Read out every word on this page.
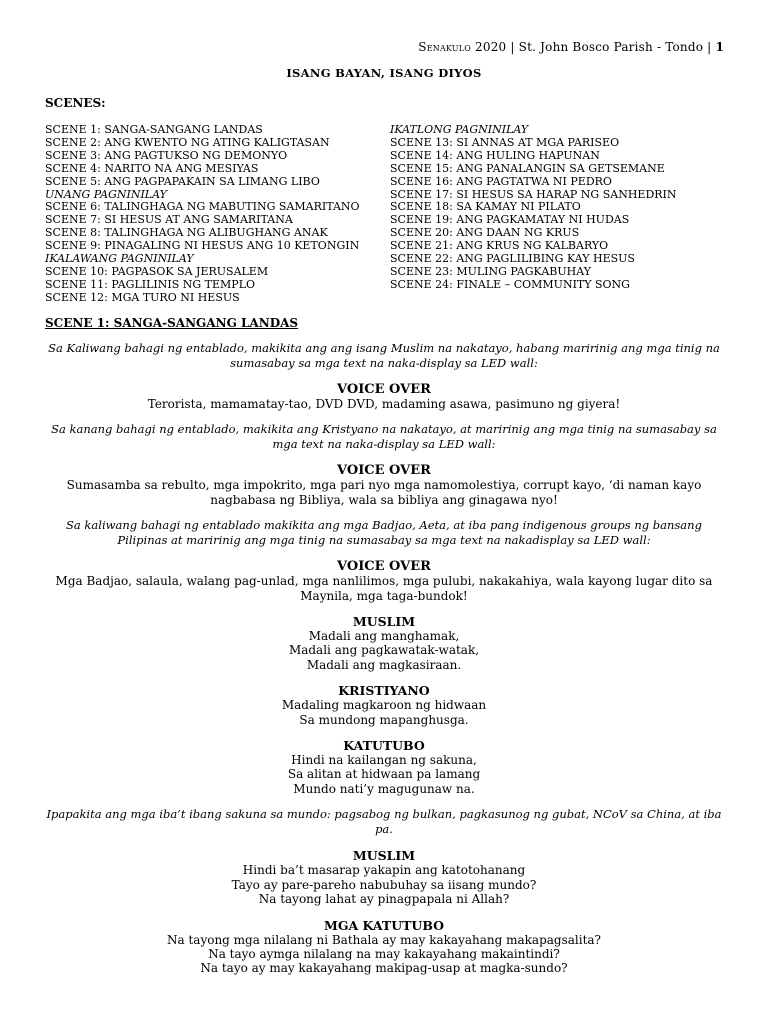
Senakulo 2020 | St. John Bosco Parish - Tondo | 1
ISANG BAYAN, ISANG DIYOS
SCENES:
SCENE 1: SANGA-SANGANG LANDAS
SCENE 2: ANG KWENTO NG ATING KALIGTASAN
SCENE 3: ANG PAGTUKSO NG DEMONYO
SCENE 4: NARITO NA ANG MESIYAS
SCENE 5: ANG PAGPAPAKAIN SA LIMANG LIBO
UNANG PAGNINILAY
SCENE 6: TALINGHAGA NG MABUTING SAMARITANO
SCENE 7: SI HESUS AT ANG SAMARITANA
SCENE 8: TALINGHAGA NG ALIBUGHANG ANAK
SCENE 9: PINAGALING NI HESUS ANG 10 KETONGIN
IKALAWANG PAGNINILAY
SCENE 10: PAGPASOK SA JERUSALEM
SCENE 11: PAGLILINIS NG TEMPLO
SCENE 12: MGA TURO NI HESUS
IKATLONG PAGNINILAY
SCENE 13: SI ANNAS AT MGA PARISEO
SCENE 14: ANG HULING HAPUNAN
SCENE 15: ANG PANALANGIN SA GETSEMANE
SCENE 16: ANG PAGTATWA NI PEDRO
SCENE 17: SI HESUS SA HARAP NG SANHEDRIN
SCENE 18: SA KAMAY NI PILATO
SCENE 19: ANG PAGKAMATAY NI HUDAS
SCENE 20: ANG DAAN NG KRUS
SCENE 21: ANG KRUS NG KALBARYO
SCENE 22: ANG PAGLILIBING KAY HESUS
SCENE 23: MULING PAGKABUHAY
SCENE 24: FINALE – COMMUNITY SONG
SCENE 1: SANGA-SANGANG LANDAS

Sa Kaliwang bahagi ng entablado, makikita ang ang isang Muslim na nakatayo, habang maririnig ang mga tinig na sumasabay sa mga text na naka-display sa LED wall:

VOICE OVER

Terorista, mamamatay-tao, DVD DVD, madaming asawa, pasimuno ng giyera!

Sa kanang bahagi ng entablado, makikita ang Kristyano na nakatayo, at maririnig ang mga tinig na sumasabay sa mga text na naka-display sa LED wall:

VOICE OVER

Sumasamba sa rebulto, mga impokrito, mga pari nyo mga namomolestiya, corrupt kayo, ‘di naman kayo nagbabasa ng Bibliya, wala sa bibliya ang ginagawa nyo!

Sa kaliwang bahagi ng entablado makikita ang mga Badjao, Aeta, at iba pang indigenous groups ng bansang Pilipinas at maririnig ang mga tinig na sumasabay sa mga text na nakadisplay sa LED wall:

VOICE OVER

Mga Badjao, salaula, walang pag-unlad, mga nanlilimos, mga pulubi, nakakahiya, wala kayong lugar dito sa Maynila, mga taga-bundok!

MUSLIM

Madali ang manghamak,

Madali ang pagkawatak-watak,

Madali ang magkasiraan.

KRISTIYANO

Madaling magkaroon ng hidwaan

Sa mundong mapanghusga.

KATUTUBO

Hindi na kailangan ng sakuna,

Sa alitan at hidwaan pa lamang

Mundo nati’y magugunaw na.

Ipapakita ang mga iba’t ibang sakuna sa mundo: pagsabog ng bulkan, pagkasunog ng gubat, NCoV sa China, at iba pa.

MUSLIM

Hindi ba’t masarap yakapin ang katotohanang

Tayo ay pare-pareho nabubuhay sa iisang mundo?

Na tayong lahat ay pinagpapala ni Allah?

MGA KATUTUBO

Na tayong mga nilalang ni Bathala ay may kakayahang makapagsalita?

Na tayo aymga nilalang na may kakayahang makaintindi?

Na tayo ay may kakayahang makipag-usap at magka-sundo?
